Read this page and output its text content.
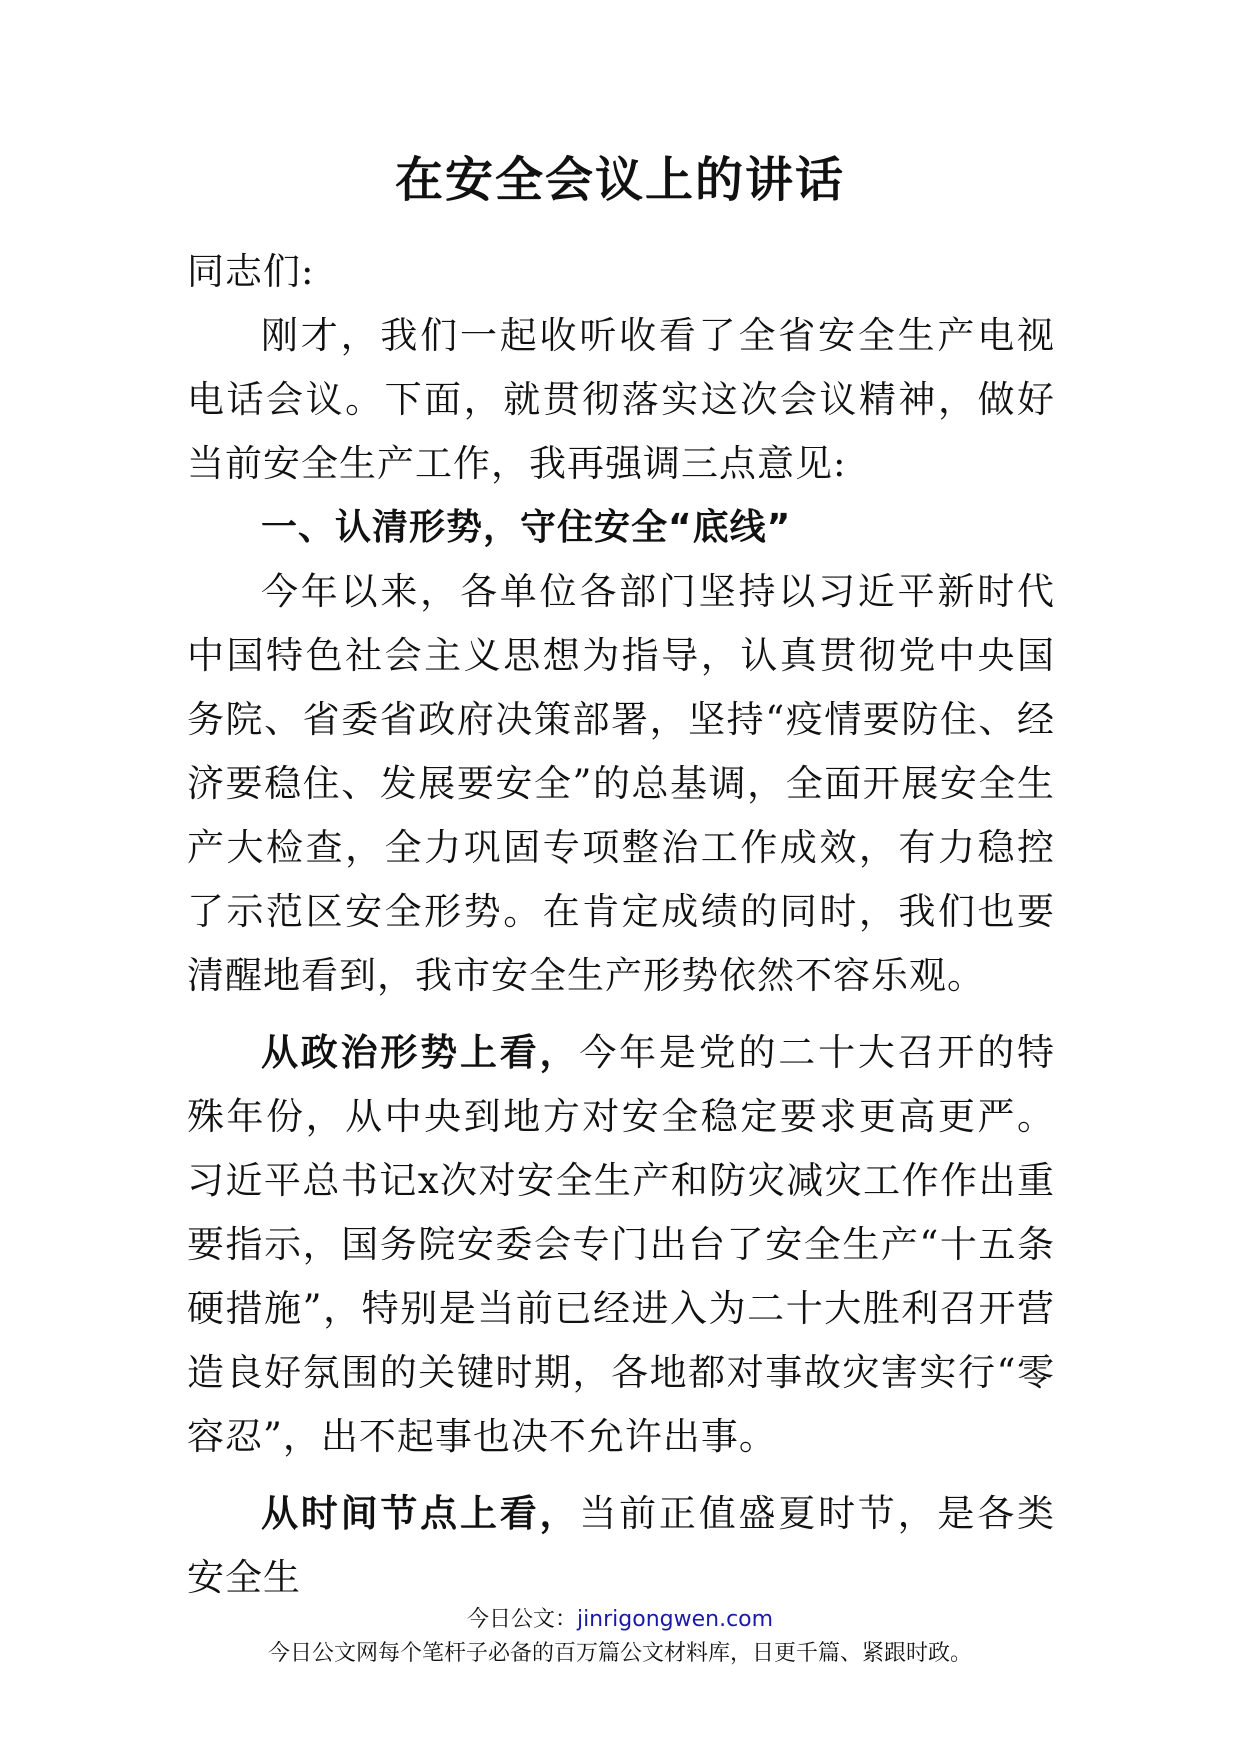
在安全会议上的讲话

同志们:

刚才，我们一起收听收看了全省安全生产电视电话会议。下面，就贯彻落实这次会议精神，做好当前安全生产工作，我再强调三点意见:

一、认清形势，守住安全“底线”

今年以来，各单位各部门坚持以习近平新时代中国特色社会主义思想为指导，认真贯彻党中央国务院、省委省政府决策部署，坚持“疫情要防住、经济要稳住、发展要安全”的总基调，全面开展安全生产大检查，全力巩固专项整治工作成效，有力稳控了示范区安全形势。在肯定成绩的同时，我们也要清醒地看到，我市安全生产形势依然不容乐观。

从政治形势上看，今年是党的二十大召开的特殊年份，从中央到地方对安全稳定要求更高更严。习近平总书记x次对安全生产和防灾减灾工作作出重要指示，国务院安委会专门出台了安全生产“十五条硬措施”，特别是当前已经进入为二十大胜利召开营造良好氛围的关键时期，各地都对事故灾害实行“零容忍”，出不起事也决不允许出事。

从时间节点上看，当前正值盛夏时节，是各类安全生

今日公文：jinrigongwen.com
今日公文网每个笔杆子必备的百万篇公文材料库，日更千篇、紧跟时政。
